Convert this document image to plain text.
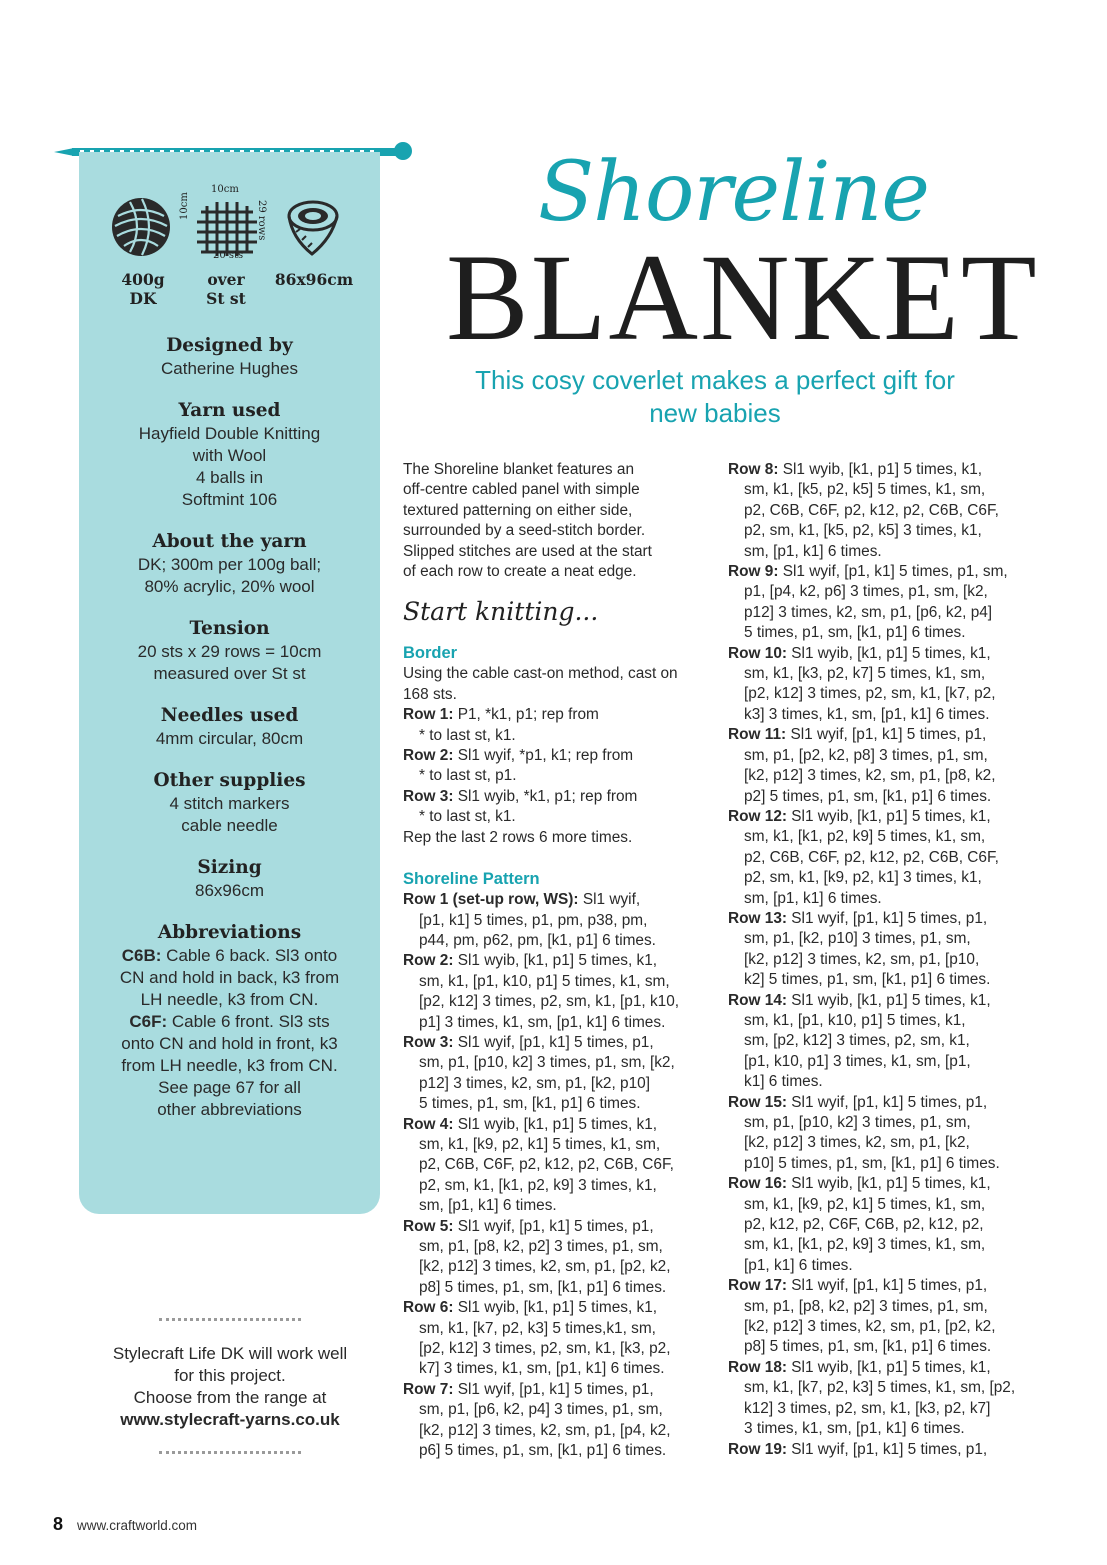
10cm
10cm	29 rows
20 sts
400g
DK
over
St st
86x96cm
Designed by
Catherine Hughes
Yarn used
Hayfield Double Knitting
with Wool
4 balls in
Softmint 106
About the yarn
DK; 300m per 100g ball;
80% acrylic, 20% wool
Tension
20 sts x 29 rows = 10cm
measured over St st
Needles used
4mm circular, 80cm
Other supplies
4 stitch markers
cable needle
Sizing
86x96cm
Abbreviations
C6B: Cable 6 back. Sl3 onto
CN and hold in back, k3 from
LH needle, k3 from CN.
C6F: Cable 6 front. Sl3 sts
onto CN and hold in front, k3
from LH needle, k3 from CN.
See page 67 for all
other abbreviations
Stylecraft Life DK will work well
for this project.
Choose from the range at
www.stylecraft-yarns.co.uk
Shoreline
BLANKET
This cosy coverlet makes a perfect gift for new babies
The Shoreline blanket features an
off-centre cabled panel with simple
textured patterning on either side,
surrounded by a seed-stitch border.
Slipped stitches are used at the start
of each row to create a neat edge.
Start knitting...
Border
Using the cable cast-on method, cast on
168 sts.
Row 1: P1, *k1, p1; rep from
* to last st, k1.
Row 2: Sl1 wyif, *p1, k1; rep from
* to last st, p1.
Row 3: Sl1 wyib, *k1, p1; rep from
* to last st, k1.
Rep the last 2 rows 6 more times.
Shoreline Pattern
Row 1 (set-up row, WS): Sl1 wyif,
[p1, k1] 5 times, p1, pm, p38, pm,
p44, pm, p62, pm, [k1, p1] 6 times.
Row 2: Sl1 wyib, [k1, p1] 5 times, k1,
sm, k1, [p1, k10, p1] 5 times, k1, sm,
[p2, k12] 3 times, p2, sm, k1, [p1, k10,
p1] 3 times, k1, sm, [p1, k1] 6 times.
Row 3: Sl1 wyif, [p1, k1] 5 times, p1,
sm, p1, [p10, k2] 3 times, p1, sm, [k2,
p12] 3 times, k2, sm, p1, [k2, p10]
5 times, p1, sm, [k1, p1] 6 times.
Row 4: Sl1 wyib, [k1, p1] 5 times, k1,
sm, k1, [k9, p2, k1] 5 times, k1, sm,
p2, C6B, C6F, p2, k12, p2, C6B, C6F,
p2, sm, k1, [k1, p2, k9] 3 times, k1,
sm, [p1, k1] 6 times.
Row 5: Sl1 wyif, [p1, k1] 5 times, p1,
sm, p1, [p8, k2, p2] 3 times, p1, sm,
[k2, p12] 3 times, k2, sm, p1, [p2, k2,
p8] 5 times, p1, sm, [k1, p1] 6 times.
Row 6: Sl1 wyib, [k1, p1] 5 times, k1,
sm, k1, [k7, p2, k3] 5 times,k1, sm,
[p2, k12] 3 times, p2, sm, k1, [k3, p2,
k7] 3 times, k1, sm, [p1, k1] 6 times.
Row 7: Sl1 wyif, [p1, k1] 5 times, p1,
sm, p1, [p6, k2, p4] 3 times, p1, sm,
[k2, p12] 3 times, k2, sm, p1, [p4, k2,
p6] 5 times, p1, sm, [k1, p1] 6 times.
Row 8: Sl1 wyib, [k1, p1] 5 times, k1,
sm, k1, [k5, p2, k5] 5 times, k1, sm,
p2, C6B, C6F, p2, k12, p2, C6B, C6F,
p2, sm, k1, [k5, p2, k5] 3 times, k1,
sm, [p1, k1] 6 times.
Row 9: Sl1 wyif, [p1, k1] 5 times, p1, sm,
p1, [p4, k2, p6] 3 times, p1, sm, [k2,
p12] 3 times, k2, sm, p1, [p6, k2, p4]
5 times, p1, sm, [k1, p1] 6 times.
Row 10: Sl1 wyib, [k1, p1] 5 times, k1,
sm, k1, [k3, p2, k7] 5 times, k1, sm,
[p2, k12] 3 times, p2, sm, k1, [k7, p2,
k3] 3 times, k1, sm, [p1, k1] 6 times.
Row 11: Sl1 wyif, [p1, k1] 5 times, p1,
sm, p1, [p2, k2, p8] 3 times, p1, sm,
[k2, p12] 3 times, k2, sm, p1, [p8, k2,
p2] 5 times, p1, sm, [k1, p1] 6 times.
Row 12: Sl1 wyib, [k1, p1] 5 times, k1,
sm, k1, [k1, p2, k9] 5 times, k1, sm,
p2, C6B, C6F, p2, k12, p2, C6B, C6F,
p2, sm, k1, [k9, p2, k1] 3 times, k1,
sm, [p1, k1] 6 times.
Row 13: Sl1 wyif, [p1, k1] 5 times, p1,
sm, p1, [k2, p10] 3 times, p1, sm,
[k2, p12] 3 times, k2, sm, p1, [p10,
k2] 5 times, p1, sm, [k1, p1] 6 times.
Row 14: Sl1 wyib, [k1, p1] 5 times, k1,
sm, k1, [p1, k10, p1] 5 times, k1,
sm, [p2, k12] 3 times, p2, sm, k1,
[p1, k10, p1] 3 times, k1, sm, [p1,
k1] 6 times.
Row 15: Sl1 wyif, [p1, k1] 5 times, p1,
sm, p1, [p10, k2] 3 times, p1, sm,
[k2, p12] 3 times, k2, sm, p1, [k2,
p10] 5 times, p1, sm, [k1, p1] 6 times.
Row 16: Sl1 wyib, [k1, p1] 5 times, k1,
sm, k1, [k9, p2, k1] 5 times, k1, sm,
p2, k12, p2, C6F, C6B, p2, k12, p2,
sm, k1, [k1, p2, k9] 3 times, k1, sm,
[p1, k1] 6 times.
Row 17: Sl1 wyif, [p1, k1] 5 times, p1,
sm, p1, [p8, k2, p2] 3 times, p1, sm,
[k2, p12] 3 times, k2, sm, p1, [p2, k2,
p8] 5 times, p1, sm, [k1, p1] 6 times.
Row 18: Sl1 wyib, [k1, p1] 5 times, k1,
sm, k1, [k7, p2, k3] 5 times, k1, sm, [p2,
k12] 3 times, p2, sm, k1, [k3, p2, k7]
3 times, k1, sm, [p1, k1] 6 times.
Row 19: Sl1 wyif, [p1, k1] 5 times, p1,
8 www.craftworld.com
